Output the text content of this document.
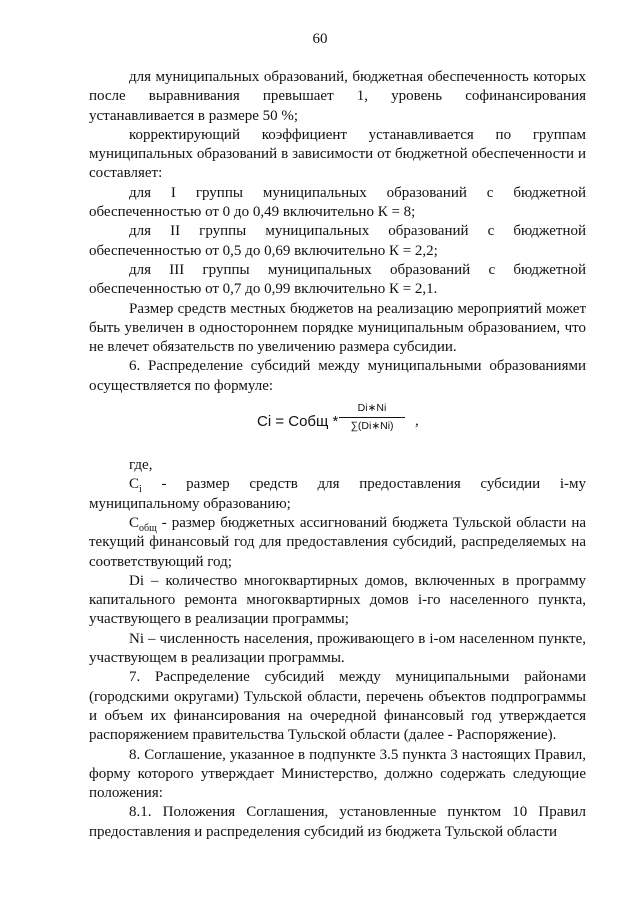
60

для муниципальных образований, бюджетная обеспеченность которых после выравнивания превышает 1, уровень софинансирования устанавливается в размере 50 %;

корректирующий коэффициент устанавливается по группам муниципальных образований в зависимости от бюджетной обеспеченности и составляет:

для I группы муниципальных образований с бюджетной обеспеченностью от 0 до 0,49 включительно К = 8;

для II группы муниципальных образований с бюджетной обеспеченностью от 0,5 до 0,69 включительно К = 2,2;

для III группы муниципальных образований с бюджетной обеспеченностью от 0,7 до 0,99 включительно К = 2,1.

Размер средств местных бюджетов на реализацию мероприятий может быть увеличен в одностороннем порядке муниципальным образованием, что не влечет обязательств по увеличению размера субсидии.

6. Распределение субсидий между муниципальными образованиями осуществляется по формуле:

Ci = Cобщ * $\frac{Di∗Ni}{\sum(Di∗Ni)}$ ,

где,

$C_i$ - размер средств для предоставления субсидии i-му муниципальному образованию;

$C_{общ}$ - размер бюджетных ассигнований бюджета Тульской области на текущий финансовый год для предоставления субсидий, распределяемых на соответствующий год;

Di – количество многоквартирных домов, включенных в программу капитального ремонта многоквартирных домов i-го населенного пункта, участвующего в реализации программы;

Ni – численность населения, проживающего в i-ом населенном пункте, участвующем в реализации программы.

7. Распределение субсидий между муниципальными районами (городскими округами) Тульской области, перечень объектов подпрограммы и объем их финансирования на очередной финансовый год утверждается распоряжением правительства Тульской области (далее - Распоряжение).

8. Соглашение, указанное в подпункте 3.5 пункта 3 настоящих Правил, форму которого утверждает Министерство, должно содержать следующие положения:

8.1. Положения Соглашения, установленные пунктом 10 Правил предоставления и распределения субсидий из бюджета Тульской области
